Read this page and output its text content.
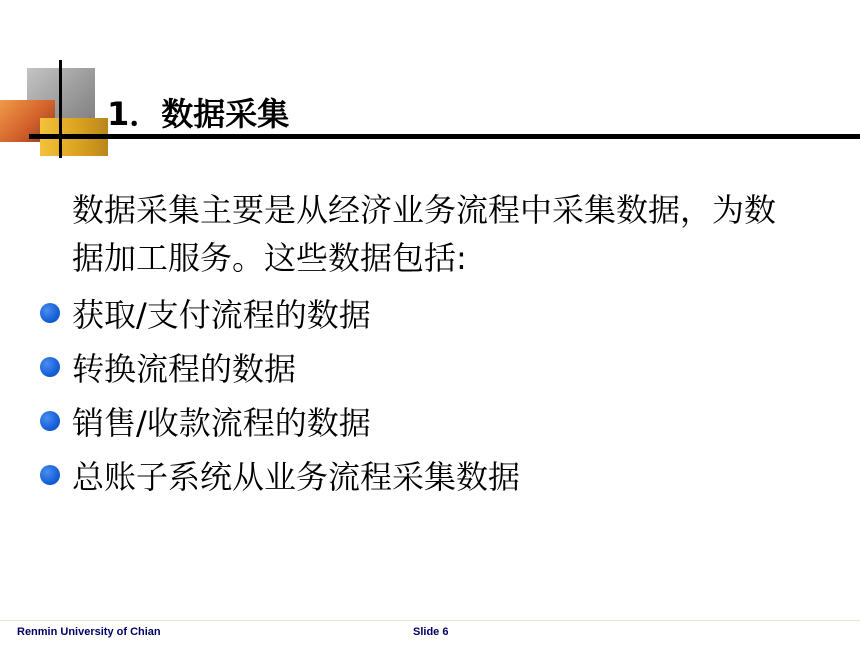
1．数据采集

数据采集主要是从经济业务流程中采集数据，为数据加工服务。这些数据包括:

获取/支付流程的数据
转换流程的数据
销售/收款流程的数据
总账子系统从业务流程采集数据
Renmin University of Chian	Slide 6
